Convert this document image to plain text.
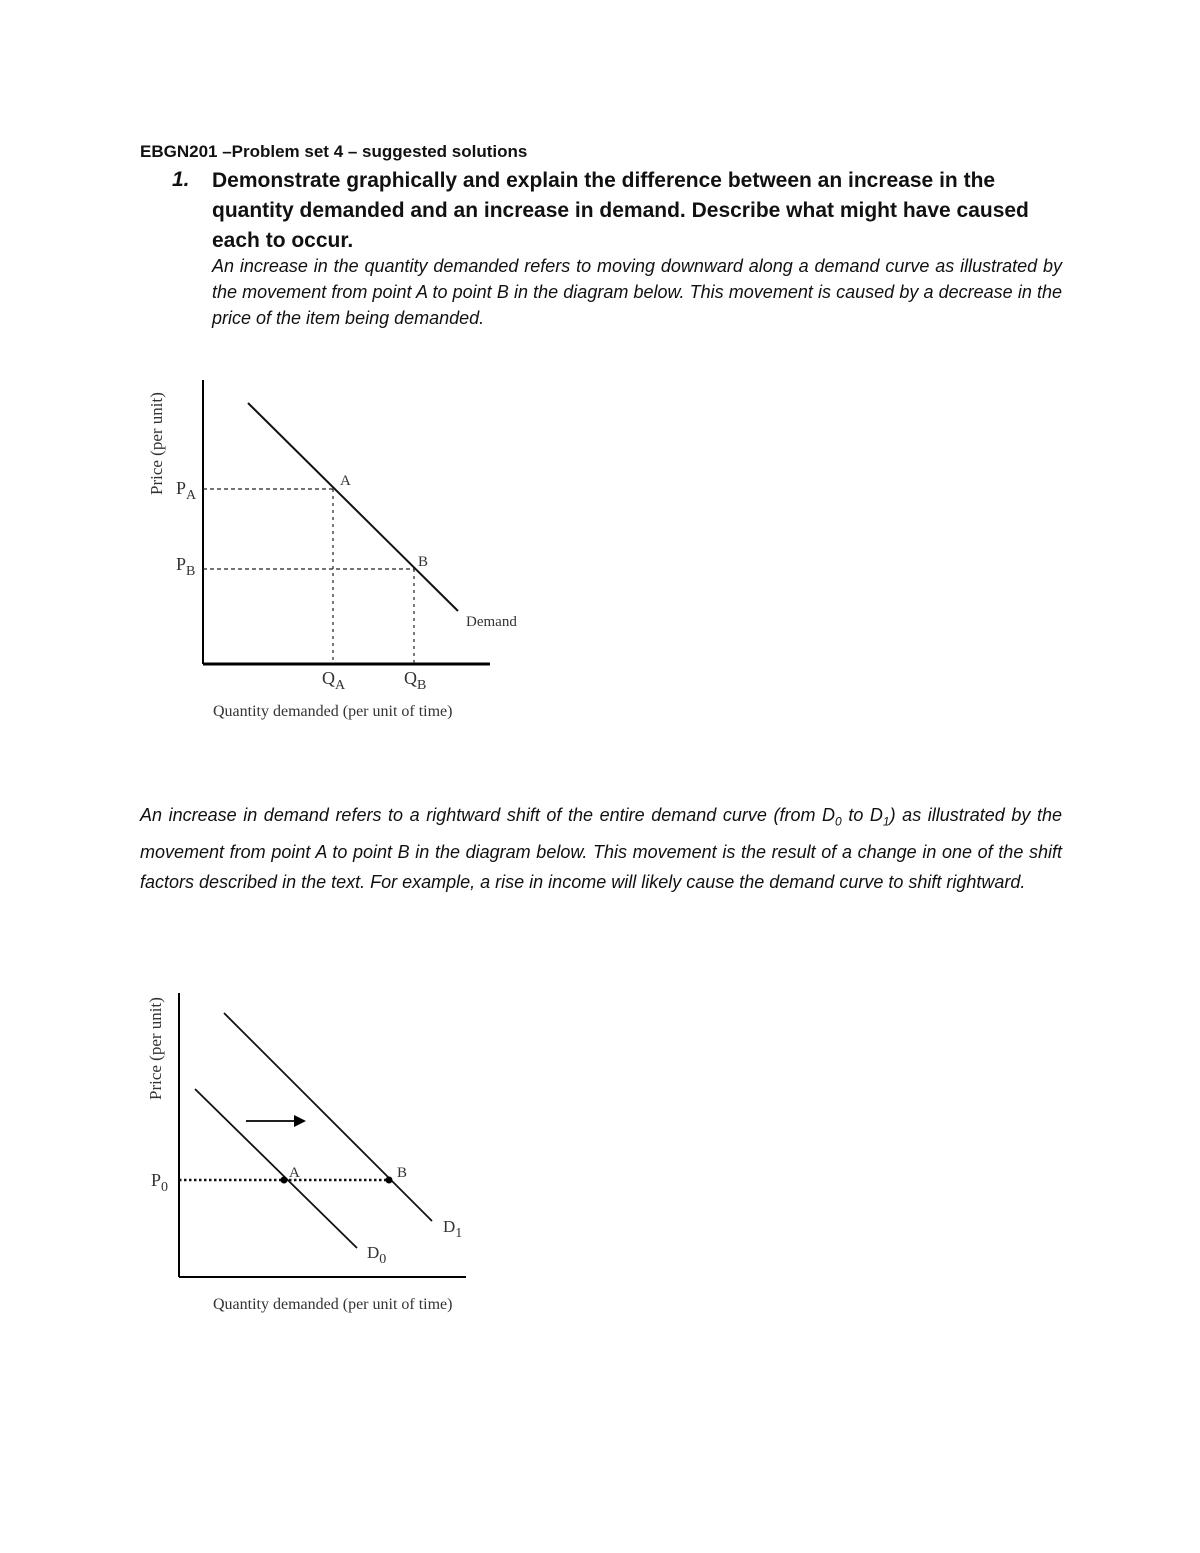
EBGN201 –Problem set 4 – suggested solutions
1. Demonstrate graphically and explain the difference between an increase in the quantity demanded and an increase in demand. Describe what might have caused each to occur.
An increase in the quantity demanded refers to moving downward along a demand curve as illustrated by the movement from point A to point B in the diagram below. This movement is caused by a decrease in the price of the item being demanded.
An increase in demand refers to a rightward shift of the entire demand curve (from $D_0$ to $D_1$) as illustrated by the movement from point A to point B in the diagram below. This movement is the result of a change in one of the shift factors described in the text. For example, a rise in income will likely cause the demand curve to shift rightward.
Price (per unit) $P_A$
$P_B$
A
B
Demand
$Q_A$	$Q_B$
Quantity demanded (per unit of time)
Price (per unit)
$P_0$
A	B
$D_1$
$D_0$
Quantity demanded (per unit of time)
